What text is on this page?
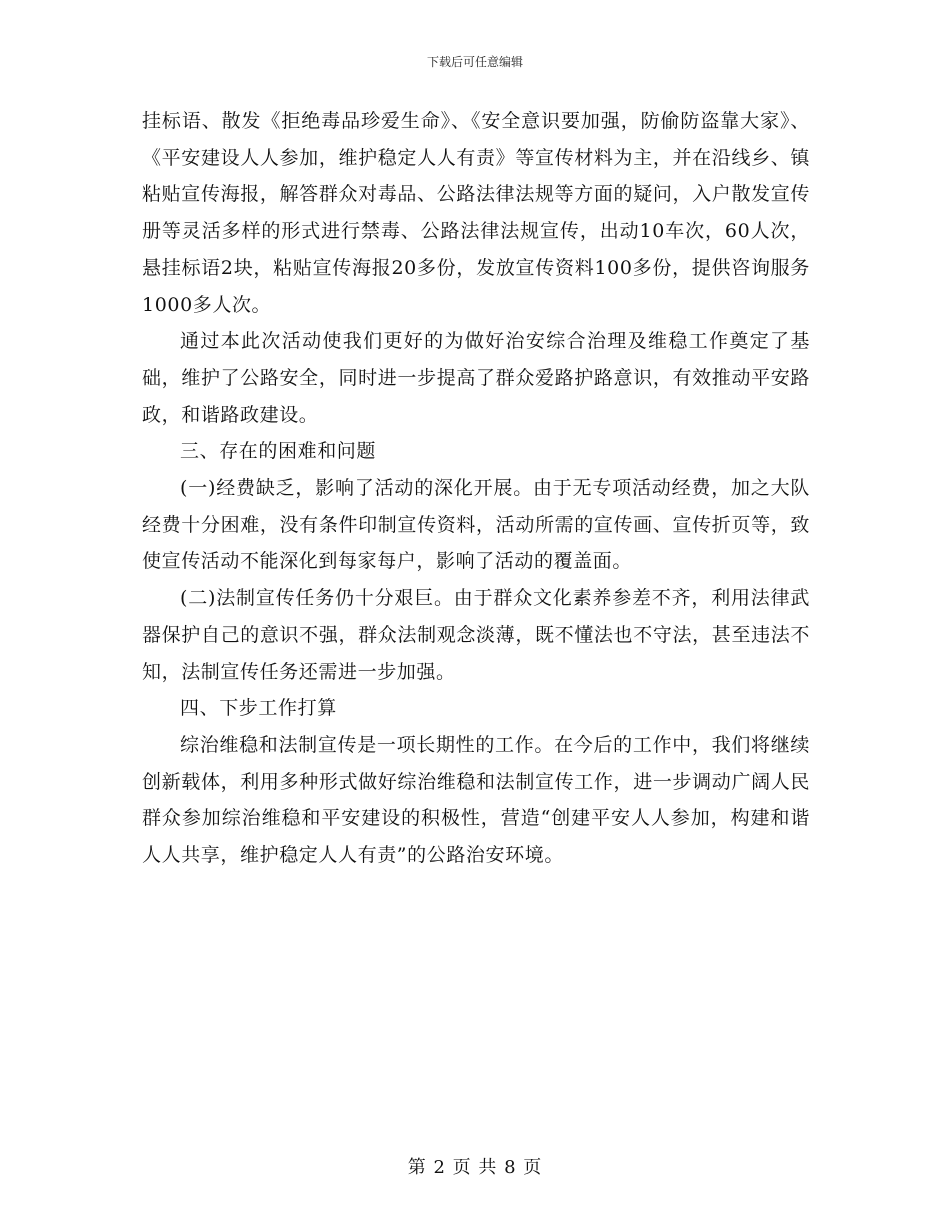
下载后可任意编辑

挂标语、散发《拒绝毒品珍爱生命》、《安全意识要加强，防偷防盗靠大家》、《平安建设人人参加，维护稳定人人有责》等宣传材料为主，并在沿线乡、镇粘贴宣传海报，解答群众对毒品、公路法律法规等方面的疑问，入户散发宣传册等灵活多样的形式进行禁毒、公路法律法规宣传，出动10车次，60人次，悬挂标语2块，粘贴宣传海报20多份，发放宣传资料100多份，提供咨询服务1000多人次。

通过本此次活动使我们更好的为做好治安综合治理及维稳工作奠定了基础，维护了公路安全，同时进一步提高了群众爱路护路意识，有效推动平安路政，和谐路政建设。

三、存在的困难和问题

(一)经费缺乏，影响了活动的深化开展。由于无专项活动经费，加之大队经费十分困难，没有条件印制宣传资料，活动所需的宣传画、宣传折页等，致使宣传活动不能深化到每家每户，影响了活动的覆盖面。

(二)法制宣传任务仍十分艰巨。由于群众文化素养参差不齐，利用法律武器保护自己的意识不强，群众法制观念淡薄，既不懂法也不守法，甚至违法不知，法制宣传任务还需进一步加强。

四、下步工作打算

综治维稳和法制宣传是一项长期性的工作。在今后的工作中，我们将继续创新载体，利用多种形式做好综治维稳和法制宣传工作，进一步调动广阔人民群众参加综治维稳和平安建设的积极性，营造“创建平安人人参加，构建和谐人人共享，维护稳定人人有责”的公路治安环境。

第 2 页 共 8 页
